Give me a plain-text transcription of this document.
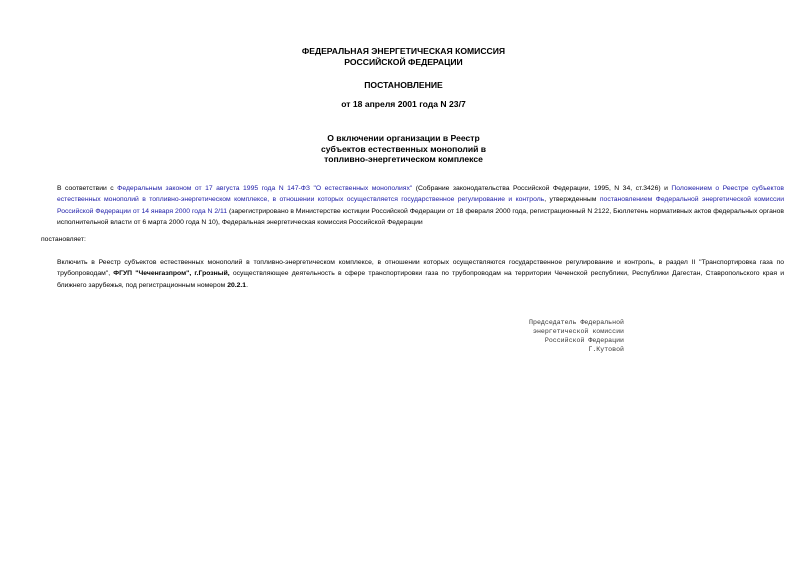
ФЕДЕРАЛЬНАЯ ЭНЕРГЕТИЧЕСКАЯ КОМИССИЯ
РОССИЙСКОЙ ФЕДЕРАЦИИ
ПОСТАНОВЛЕНИЕ
от 18 апреля 2001 года N 23/7
О включении организации в Реестр
субъектов естественных монополий в
топливно-энергетическом комплексе
В соответствии с Федеральным законом от 17 августа 1995 года N 147-ФЗ "О естественных монополиях" (Собрание законодательства Российской Федерации, 1995, N 34, ст.3426) и Положением о Реестре субъектов естественных монополий в топливно-энергетическом комплексе, в отношении которых осуществляется государственное регулирование и контроль, утвержденным постановлением Федеральной энергетической комиссии Российской Федерации от 14 января 2000 года N 2/11 (зарегистрировано в Министерстве юстиции Российской Федерации от 18 февраля 2000 года, регистрационный N 2122, Бюллетень нормативных актов федеральных органов исполнительной власти от 6 марта 2000 года N 10), Федеральная энергетическая комиссия Российской Федерации
постановляет:
Включить в Реестр субъектов естественных монополий в топливно-энергетическом комплексе, в отношении которых осуществляются государственное регулирование и контроль, в раздел II "Транспортировка газа по трубопроводам", ФГУП "Чеченгазпром", г.Грозный, осуществляющее деятельность в сфере транспортировки газа по трубопроводам на территории Чеченской республики, Республики Дагестан, Ставропольского края и ближнего зарубежья, под регистрационным номером 20.2.1.
Председатель Федеральной
энергетической комиссии
Российской Федерации
Г.Кутовой
